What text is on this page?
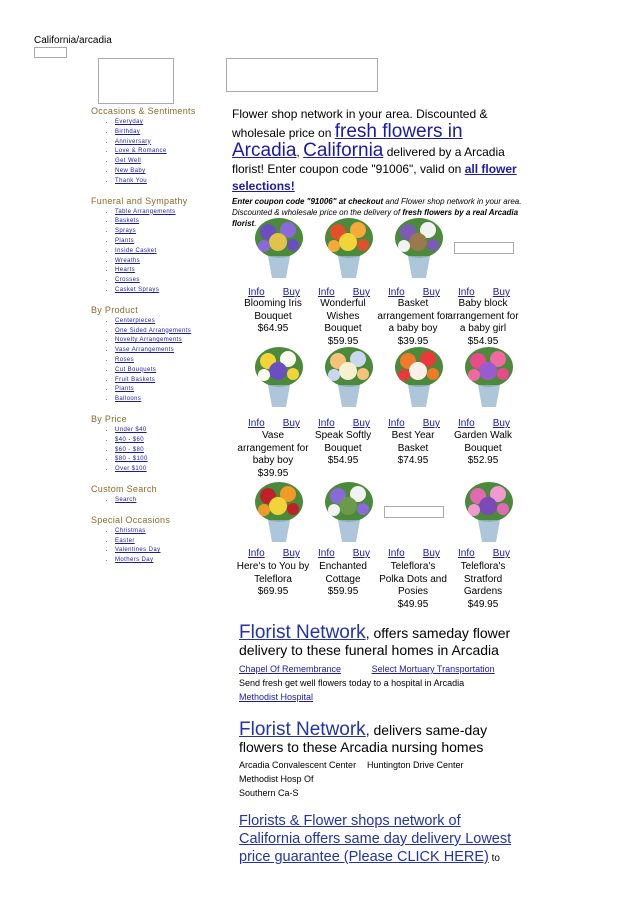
California/arcadia
Occasions & Sentiments
• Everyday
• Birthday
• Anniversary
• Love & Romance
• Get Well
• New Baby
• Thank You
Funeral and Sympathy
• Table Arrangements
• Baskets
• Sprays
• Plants
• Inside Casket
• Wreaths
• Hearts
• Crosses
• Casket Sprays
By Product
• Centerpieces
• One Sided Arrangements
• Novelty Arrangements
• Vase Arrangements
• Roses
• Cut Bouquets
• Fruit Baskets
• Plants
• Balloons
By Price
• Under $40
• $40 - $60
• $60 - $80
• $80 - $100
• Over $100
Custom Search
• Search
Special Occasions
• Christmas
• Easter
• Valentines Day
• Mothers Day
Flower shop network in your area. Discounted & wholesale price on fresh flowers in Arcadia, California delivered by a Arcadia florist! Enter coupon code "91006", valid on all flower selections!
Enter coupon code "91006" at checkout and Flower shop network in your area. Discounted & wholesale price on the delivery of fresh flowers by a real Arcadia florist.
Info Buy
Blooming Iris
Bouquet
$64.95
Info Buy
Wonderful
Wishes
Bouquet
$59.95
Info Buy
Basket
arrangement for
a baby boy
$39.95
Info Buy
Baby block
arrangement for
a baby girl
$54.95
Info Buy
Vase
arrangement for
baby boy
$39.95
Info Buy
Speak Softly
Bouquet
$54.95
Info Buy
Best Year
Basket
$74.95
Info Buy
Garden Walk
Bouquet
$52.95
Info Buy
Here's to You by
Teleflora
$69.95
Info Buy
Enchanted
Cottage
$59.95
Info Buy
Teleflora's
Polka Dots and
Posies
$49.95
Info Buy
Teleflora's
Stratford
Gardens
$49.95
Florist Network, offers sameday flower delivery to these funeral homes in Arcadia
Chapel Of Remembrance	Select Mortuary Transportation
Send fresh get well flowers today to a hospital in Arcadia
Methodist Hospital
Florist Network, delivers same-day flowers to these Arcadia nursing homes
Arcadia Convalescent Center	Huntington Drive Center
Methodist Hosp Of Southern Ca-S
Florists & Flower shops network of California offers same day delivery Lowest price guarantee (Please CLICK HERE) to
